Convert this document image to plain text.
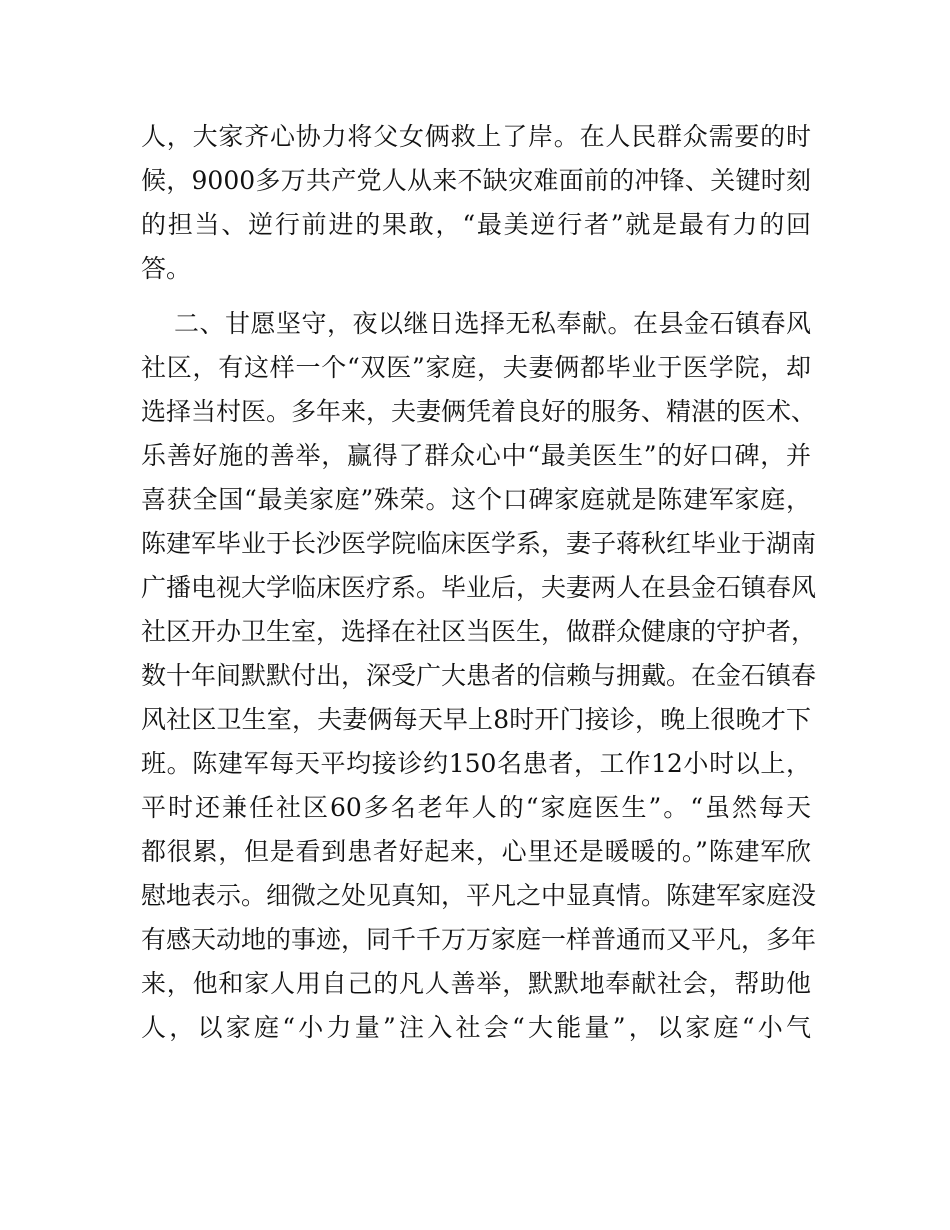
人，大家齐心协力将父女俩救上了岸。在人民群众需要的时
候，9000多万共产党人从来不缺灾难面前的冲锋、关键时刻
的担当、逆行前进的果敢，“最美逆行者”就是最有力的回
答。
二、甘愿坚守，夜以继日选择无私奉献。在县金石镇春风
社区，有这样一个“双医”家庭，夫妻俩都毕业于医学院，却
选择当村医。多年来，夫妻俩凭着良好的服务、精湛的医术、
乐善好施的善举，赢得了群众心中“最美医生”的好口碑，并
喜获全国“最美家庭”殊荣。这个口碑家庭就是陈建军家庭，
陈建军毕业于长沙医学院临床医学系，妻子蒋秋红毕业于湖南
广播电视大学临床医疗系。毕业后，夫妻两人在县金石镇春风
社区开办卫生室，选择在社区当医生，做群众健康的守护者，
数十年间默默付出，深受广大患者的信赖与拥戴。在金石镇春
风社区卫生室，夫妻俩每天早上8时开门接诊，晚上很晚才下
班。陈建军每天平均接诊约150名患者，工作12小时以上，
平时还兼任社区60多名老年人的“家庭医生”。“虽然每天
都很累，但是看到患者好起来，心里还是暖暖的。”陈建军欣
慰地表示。细微之处见真知，平凡之中显真情。陈建军家庭没
有感天动地的事迹，同千千万万家庭一样普通而又平凡，多年
来，他和家人用自己的凡人善举，默默地奉献社会，帮助他
人，以家庭“小力量”注入社会“大能量”，以家庭“小气
